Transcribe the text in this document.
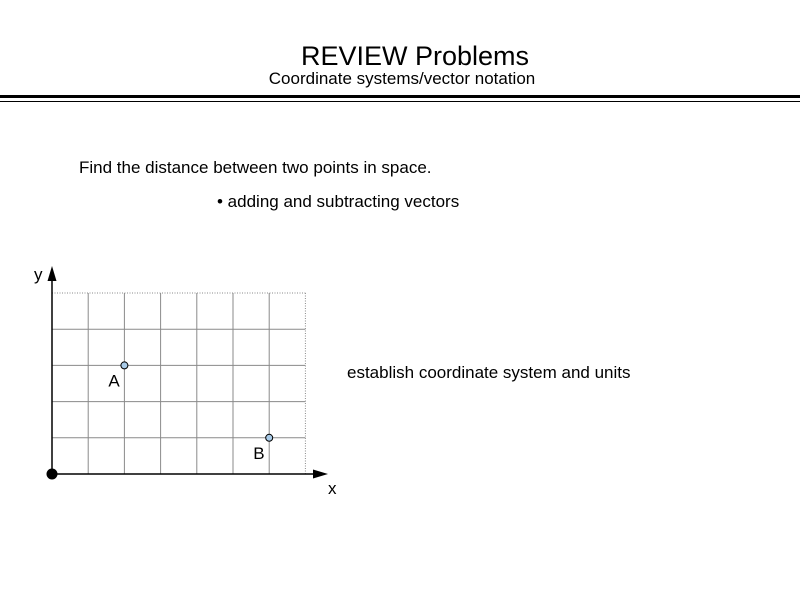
REVIEW Problems
Coordinate systems/vector notation
Find the distance between two points in space.
• adding and subtracting vectors
establish coordinate system and units
y
x
A
B
